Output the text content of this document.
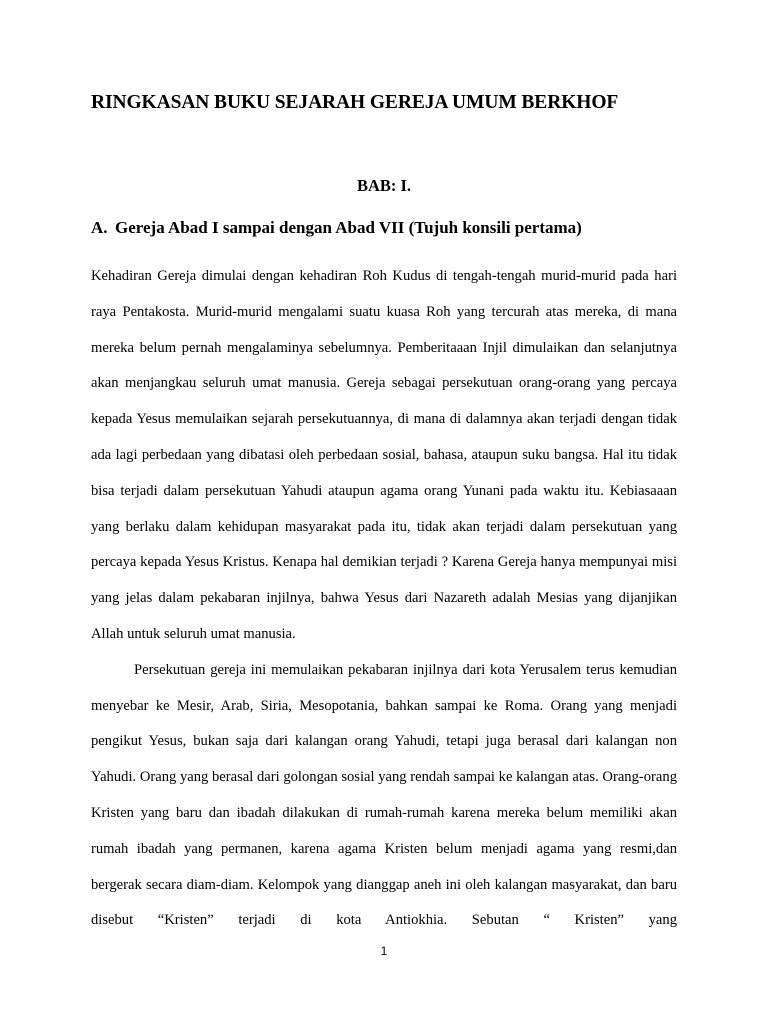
RINGKASAN BUKU SEJARAH GEREJA UMUM BERKHOF
BAB: I.
A. Gereja Abad I sampai dengan Abad VII (Tujuh konsili pertama)

Kehadiran Gereja dimulai dengan kehadiran Roh Kudus di tengah-tengah murid-murid pada hari raya Pentakosta. Murid-murid mengalami suatu kuasa Roh yang tercurah atas mereka, di mana mereka belum pernah mengalaminya sebelumnya. Pemberitaaan Injil dimulaikan dan selanjutnya akan menjangkau seluruh umat manusia. Gereja sebagai persekutuan orang-orang yang percaya kepada Yesus memulaikan sejarah persekutuannya, di mana di dalamnya akan terjadi dengan tidak ada lagi perbedaan yang dibatasi oleh perbedaan sosial, bahasa, ataupun suku bangsa. Hal itu tidak bisa terjadi dalam persekutuan Yahudi ataupun agama orang Yunani pada waktu itu. Kebiasaaan yang berlaku dalam kehidupan masyarakat pada itu, tidak akan terjadi dalam persekutuan yang percaya kepada Yesus Kristus. Kenapa hal demikian terjadi ? Karena Gereja hanya mempunyai misi yang jelas dalam pekabaran injilnya, bahwa Yesus dari Nazareth adalah Mesias yang dijanjikan Allah untuk seluruh umat manusia.

Persekutuan gereja ini memulaikan pekabaran injilnya dari kota Yerusalem terus kemudian menyebar ke Mesir, Arab, Siria, Mesopotania, bahkan sampai ke Roma. Orang yang menjadi pengikut Yesus, bukan saja dari kalangan orang Yahudi, tetapi juga berasal dari kalangan non Yahudi. Orang yang berasal dari golongan sosial yang rendah sampai ke kalangan atas. Orang-orang Kristen yang baru dan ibadah dilakukan di rumah-rumah karena mereka belum memiliki akan rumah ibadah yang permanen, karena agama Kristen belum menjadi agama yang resmi,dan bergerak secara diam-diam. Kelompok yang dianggap aneh ini oleh kalangan masyarakat, dan baru disebut “Kristen” terjadi di kota Antiokhia. Sebutan “ Kristen” yang

1
